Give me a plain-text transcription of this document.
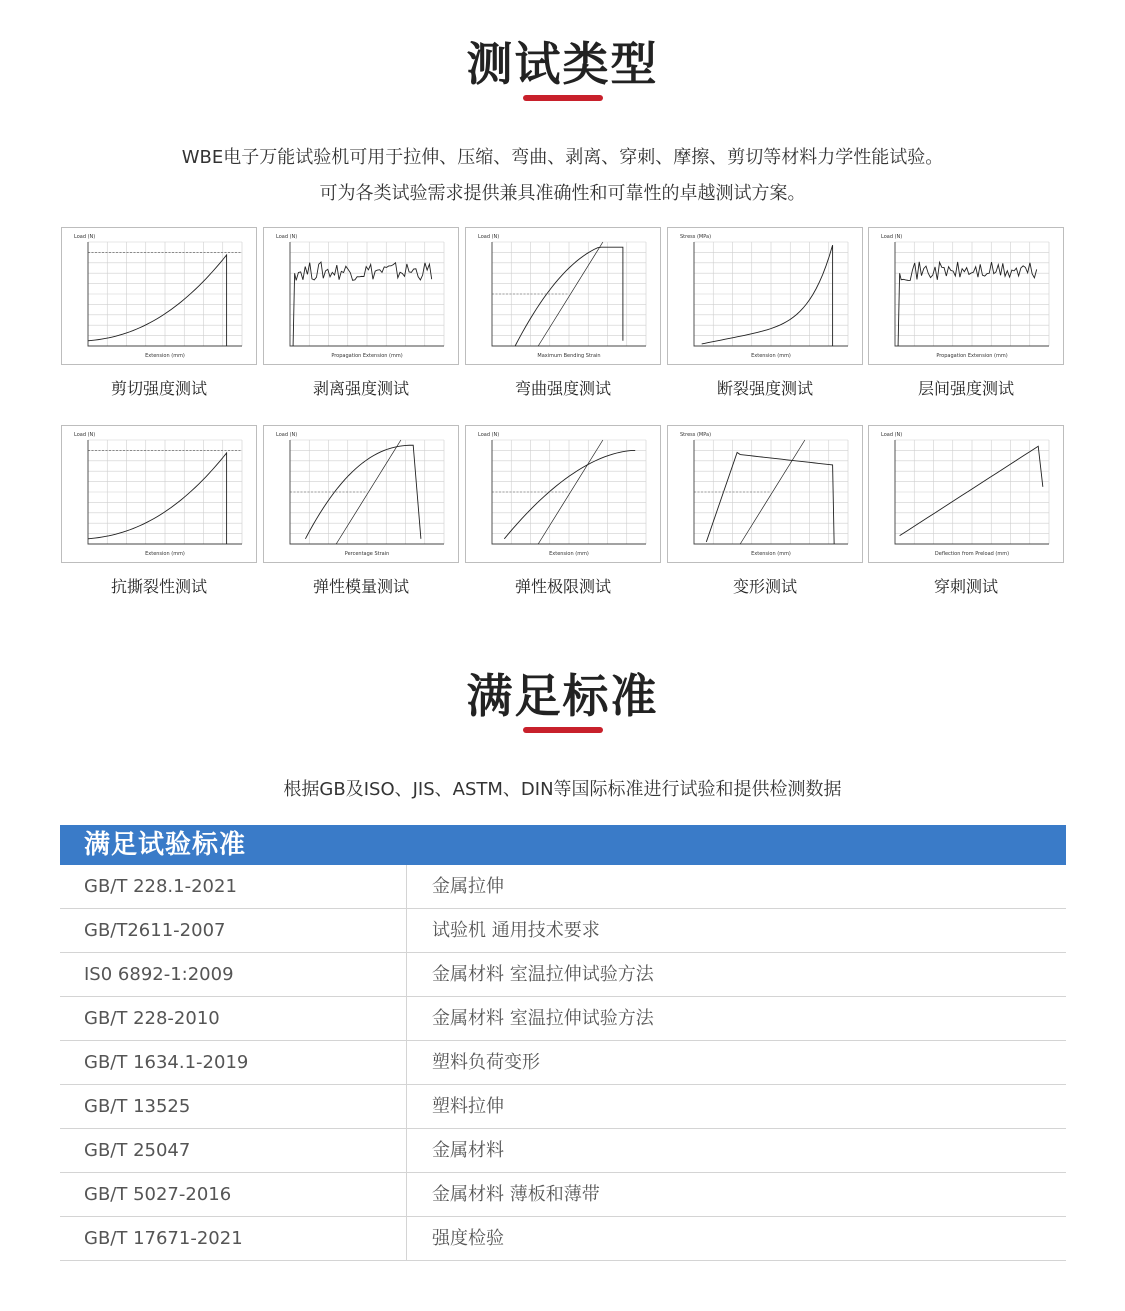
测试类型
WBE电子万能试验机可用于拉伸、压缩、弯曲、剥离、穿刺、摩擦、剪切等材料力学性能试验。
可为各类试验需求提供兼具准确性和可靠性的卓越测试方案。
Load (N)
Extension (mm)
剪切强度测试
Load (N)
Propagation Extension (mm)
剥离强度测试
Load (N)
Maximum Bending Strain
弯曲强度测试
Stress (MPa)
Extension (mm)
断裂强度测试
Load (N)
Propagation Extension (mm)
层间强度测试
Load (N)
Extension (mm)
抗撕裂性测试
Load (N)
Percentage Strain
弹性模量测试
Load (N)
Extension (mm)
弹性极限测试
Stress (MPa)
Extension (mm)
变形测试
Load (N)
Deflection from Preload (mm)
穿刺测试
满足标准
根据GB及ISO、JIS、ASTM、DIN等国际标准进行试验和提供检测数据
满足试验标准
GB/T 228.1-2021	金属拉伸
GB/T2611-2007	试验机 通用技术要求
IS0 6892-1:2009	金属材料 室温拉伸试验方法
GB/T 228-2010	金属材料 室温拉伸试验方法
GB/T 1634.1-2019	塑料负荷变形
GB/T 13525	塑料拉伸
GB/T 25047	金属材料
GB/T 5027-2016	金属材料 薄板和薄带
GB/T 17671-2021	强度检验
